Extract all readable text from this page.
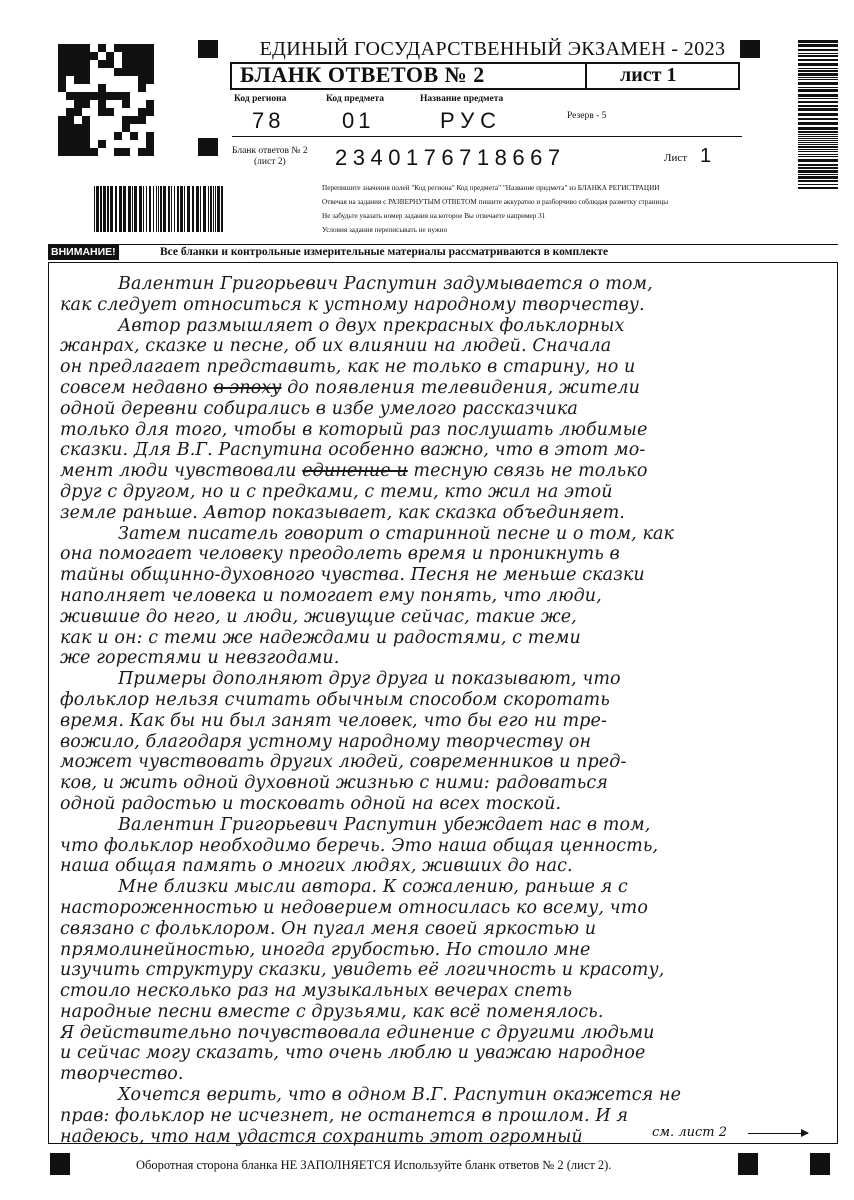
ЕДИНЫЙ ГОСУДАРСТВЕННЫЙ ЭКЗАМЕН - 2023
БЛАНК ОТВЕТОВ № 2	лист 1
Код региона	Код предмета	Название предмета
78	01	РУС	Резерв - 5
Бланк ответов № 2
(лист 2)	2340176718667	Лист 1
Перепишите значения полей "Код региона" Код предмета" "Название предмета" из БЛАНКА РЕГИСТРАЦИИ
Отвечая на задания с РАЗВЕРНУТЫМ ОТВЕТОМ пишите аккуратно и разборчиво соблюдая разметку страницы
Не забудьте указать номер задания на которое Вы отвечаете например 31
Условия задания переписывать не нужно
ВНИМАНИЕ!	Все бланки и контрольные измерительные материалы рассматриваются в комплекте
Валентин Григорьевич Распутин задумывается о том,
как следует относиться к устному народному творчеству.
Автор размышляет о двух прекрасных фольклорных
жанрах, сказке и песне, об их влиянии на людей. Сначала
он предлагает представить, как не только в старину, но и
совсем недавно в эпоху до появления телевидения, жители
одной деревни собирались в избе умелого рассказчика
только для того, чтобы в который раз послушать любимые
сказки. Для В.Г. Распутина особенно важно, что в этот мо-
мент люди чувствовали единение и тесную связь не только
друг с другом, но и с предками, с теми, кто жил на этой
земле раньше. Автор показывает, как сказка объединяет.
Затем писатель говорит о старинной песне и о том, как
она помогает человеку преодолеть время и проникнуть в
тайны общинно-духовного чувства. Песня не меньше сказки
наполняет человека и помогает ему понять, что люди,
жившие до него, и люди, живущие сейчас, такие же,
как и он: с теми же надеждами и радостями, с теми
же горестями и невзгодами.
Примеры дополняют друг друга и показывают, что
фольклор нельзя считать обычным способом скоротать
время. Как бы ни был занят человек, что бы его ни тре-
вожило, благодаря устному народному творчеству он
может чувствовать других людей, современников и пред-
ков, и жить одной духовной жизнью с ними: радоваться
одной радостью и тосковать одной на всех тоской.
Валентин Григорьевич Распутин убеждает нас в том,
что фольклор необходимо беречь. Это наша общая ценность,
наша общая память о многих людях, живших до нас.
Мне близки мысли автора. К сожалению, раньше я с
настороженностью и недоверием относилась ко всему, что
связано с фольклором. Он пугал меня своей яркостью и
прямолинейностью, иногда грубостью. Но стоило мне
изучить структуру сказки, увидеть её логичность и красоту,
стоило несколько раз на музыкальных вечерах спеть
народные песни вместе с друзьями, как всё поменялось.
Я действительно почувствовала единение с другими людьми
и сейчас могу сказать, что очень люблю и уважаю народное
творчество.
Хочется верить, что в одном В.Г. Распутин окажется не
прав: фольклор не исчезнет, не останется в прошлом. И я
надеюсь, что нам удастся сохранить этот огромный	см. лист 2
Оборотная сторона бланка НЕ ЗАПОЛНЯЕТСЯ Используйте бланк ответов № 2 (лист 2).
